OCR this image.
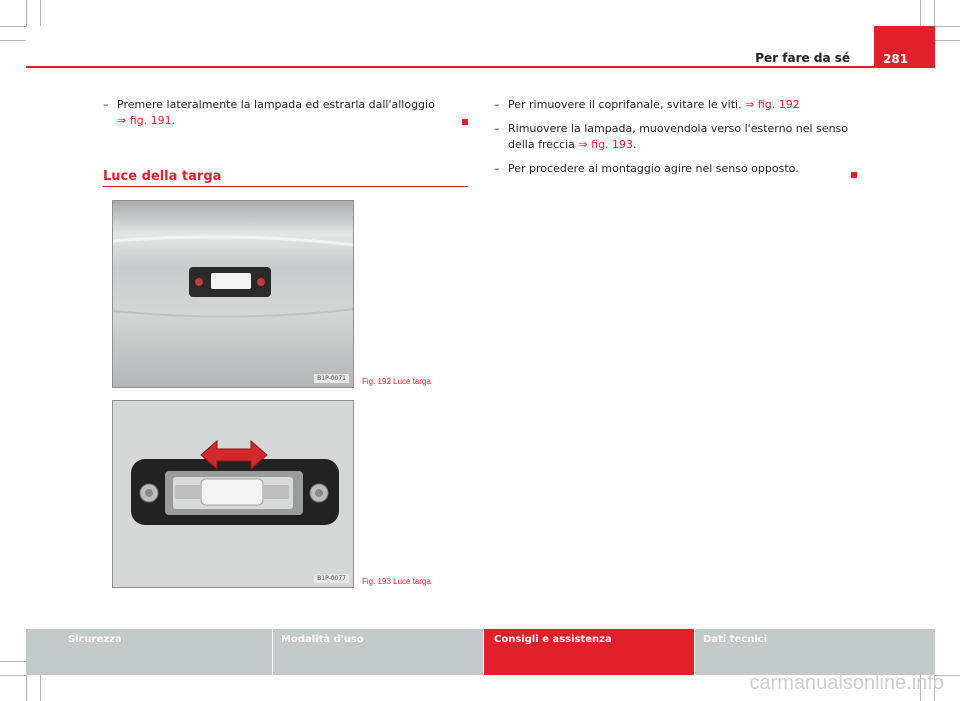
Per fare da sé	281
– Premere lateralmente la lampada ed estrarla dall'alloggio
⇒ fig. 191.
Luce della targa
B1P-0071	Fig. 192 Luce targa
B1P-0077	Fig. 193 Luce targa
– Per rimuovere il coprifanale, svitare le viti. ⇒ fig. 192
– Rimuovere la lampada, muovendola verso l'esterno nel senso della freccia ⇒ fig. 193.
– Per procedere al montaggio agire nel senso opposto.
Sicurezza	Modalità d'uso	Consigli e assistenza	Dati tecnici
carmanualsonline.info
